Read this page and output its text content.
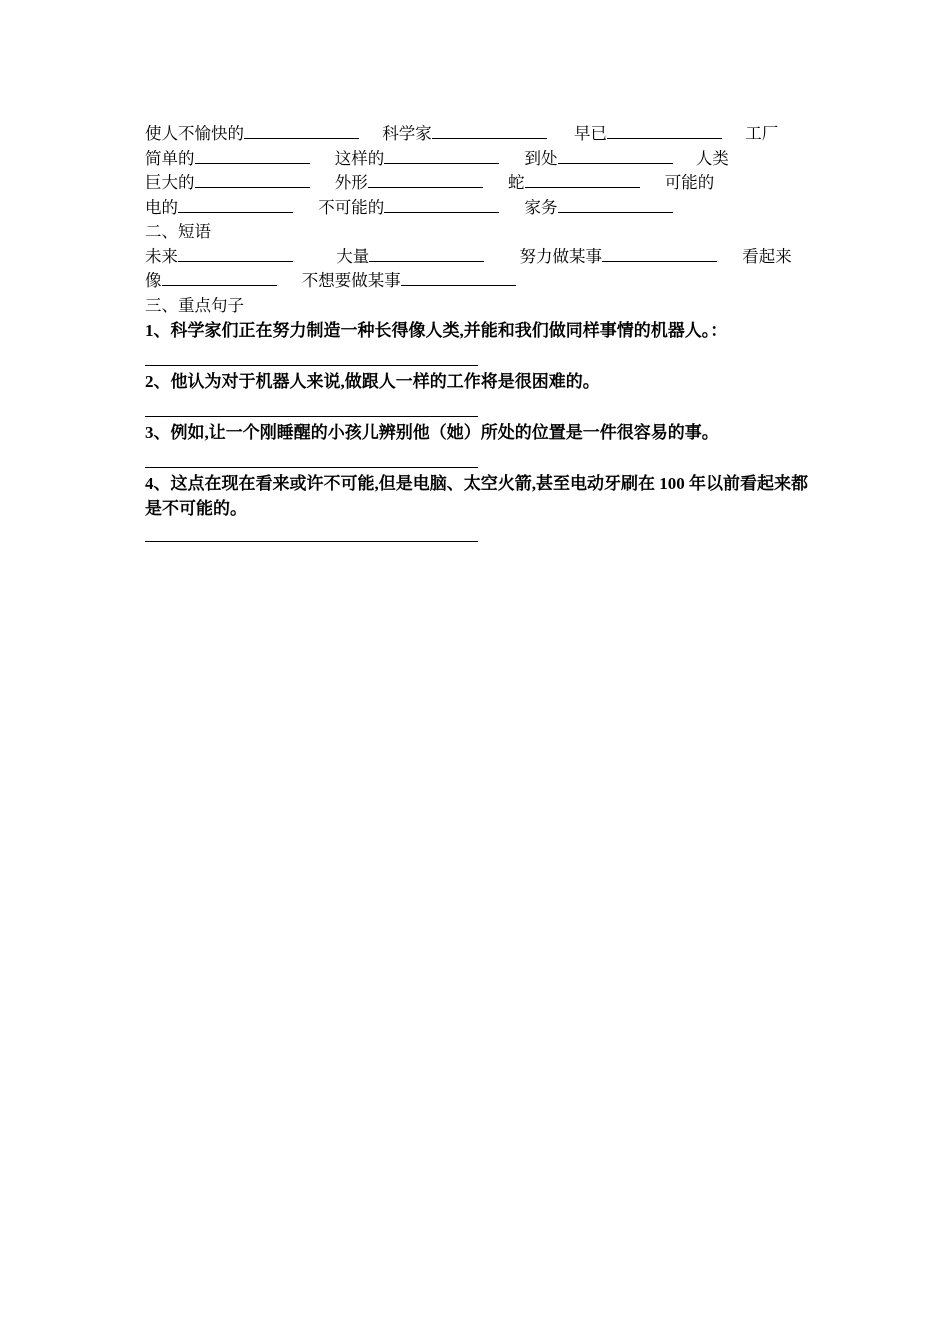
使人不愉快的	科学家	早已	工厂
简单的	这样的	到处	人类
巨大的	外形	蛇	可能的
电的	不可能的	家务
二、短语
未来	大量	努力做某事	看起来
像	不想要做某事
三、重点句子
1、科学家们正在努力制造一种长得像人类,并能和我们做同样事情的机器人。：
2、他认为对于机器人来说,做跟人一样的工作将是很困难的。
3、例如,让一个刚睡醒的小孩儿辨别他（她）所处的位置是一件很容易的事。
4、这点在现在看来或许不可能,但是电脑、太空火箭,甚至电动牙刷在 100 年以前看起来都是不可能的。
